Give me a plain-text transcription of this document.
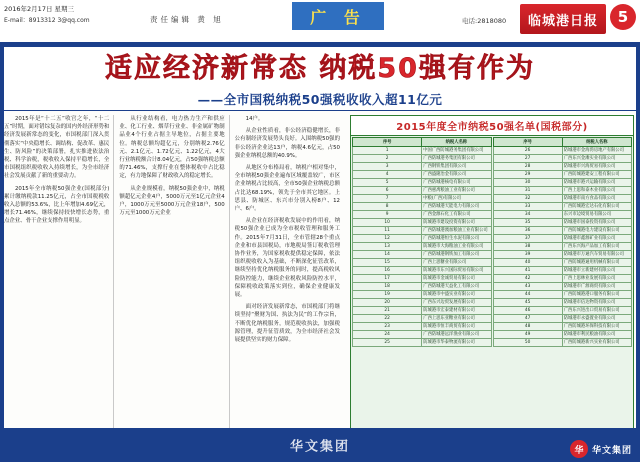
2016年2月17日 星期三
E-mail：8913312 3@qq.com	责任编辑 黄 旭	广 告	电话:2818080	临城港日报	5
适应经济新常态 纳税50强有作为
——全市国税纳税50强税收收入超11亿元

2015年是“十二五”收官之年，“十二五”时期，面对错综复杂的国内外经济形势和经济发展新常态的变化，市国税部门深入贯彻落实“中央稳增长、调结构、促改革、惠民生、防风险”的决策部署，扎实推进依法治税、科学治税，税收收入保持平稳增长，全市国税组织税收收入持续增长，为全市经济社会发展贡献了新的重要动力。

2015年全市纳税50强企业(国税部分)累计缴纳税款11.25亿元，占全市国税税收收入总额的53.6%，比上年增加4.69亿元，增长71.46%，继续保持较快增长态势，重点企业、骨干企业支撑作用明显。

从行业结构看，电力热力生产和供应业、化工行业、烟草行业业、非金属矿物制品业4个行业占据主导地位，占据主要地位。纳税总额均超亿元，分别纳税2.76亿元、2.1亿元、1.72亿元、1.22亿元，4大行业纳税额合计8.04亿元，占50强纳税总额的71.46%，支撑行业在整体税收中占比稳定，有力地保障了财政收入的稳定增长。

从企业规模看，纳税50强企业中，纳税额超亿元企业4户，5000万元至1亿元企业4户，1000万元至5000万元企业18户，500万元至1000万元企业

14户。

从企业性质看，非公经济稳健增长，非公有制经济发展势头良好。入围纳税50强的非公经济企业达13户，纳税4.6亿元，占50强企业纳税总额的40.9%。

从地区分布格局看，纳税户相对集中，全市纳税50强企业遍布区域覆盖较广，市区企业纳税占比较高，全市50强企业纳税总额占比达68.19%，领先于全市其它地区。上思县、防城区、东兴市分别入榜8户、12户、6户。

从企业在经济税收发展中的作用看，纳税50强企业已成为全市税收管理和服务工作。2015年7月31日，全市管辖28个重点企业和市县国税局，市地税局签订税收管理协作业务，为国家税收提供稳定保障，依法组织税收收入为基础，不断深化征管改革，继续坚持优化纳税服务的同时，提高税收风险防控能力，继续企业税收风险防控水平，保障税收政策落实到位，确保企业健康发展。

面对经济发展新常态，市国税部门将继续坚持“聚财为国、执法为民”的工作宗旨，不断优化纳税服务，规范税收执法，加强税源管理，提升征管质效，为全市经济社会发展提供坚实的财力保障。

2015年度全市纳税50强名单(国税部分)
序号	纳税人名称
1	中国广西防城港务集团有限公司
2	广西防城港务集团有限公司
3	广西钢铁集团有限公司
4	广西盛隆冶金有限公司
5	广西防城港核电有限公司
6	广西惠禹粮油工业有限公司
7	中粮(广西)有限公司
8	广西防城港天能电力有限公司
9	广西金源石化工有限公司
10	防城港市建设投资有限公司
11	广西防城港澳加粮油工业有限公司
12	广西防城港恒生水泥有限公司
13	防城港市大海粮油工业有限公司
14	广西防城港钢铁加工有限公司
15	广西上思糖业有限公司
16	防城港市东兴国际贸易有限公司
17	防城港市金诚贸易有限公司
18	广西防城港天益化工有限公司
19	防城港市中盛实业有限公司
20	广西东兴边贸发展有限公司
21	防城港市宏泰建材有限公司
22	广西上思东亚糖业有限公司
23	防城港市恒丰商贸有限公司
24	广西防城港远洋渔业有限公司
25	防城港市华泰物流有限公司
序号	纳税人名称
26	防城港市金海湾房地产有限公司
27	广西东兴金滩实业有限公司
28	防城港市兴海贸易有限公司
29	广西防城港建安工程有限公司
30	防城港市港兴运输有限公司
31	广西上思和泰木业有限公司
32	防城港市南方食品有限公司
33	广西防城港宏达石化有限公司
34	东兴市边境贸易有限公司
35	防城港市国泰投资有限公司
36	广西防城港电力建设有限公司
37	防城港市鑫源矿业有限公司
38	广西东兴海产品加工有限公司
39	防城港市万通汽车贸易有限公司
40	广西防城港通用机械有限公司
41	防城港市立新建材有限公司
42	广西上思林业发展有限公司
43	防城港市广源商贸有限公司
44	广西防城港港口服务有限公司
45	防城港市信达物资有限公司
46	广西东兴进出口贸易有限公司
47	防城港市永盛置业有限公司
48	广西防城港环保科技有限公司
49	防城港市利民粮油有限公司
50	广西防城港新兴实业有限公司
华文集团	华 华文集团
